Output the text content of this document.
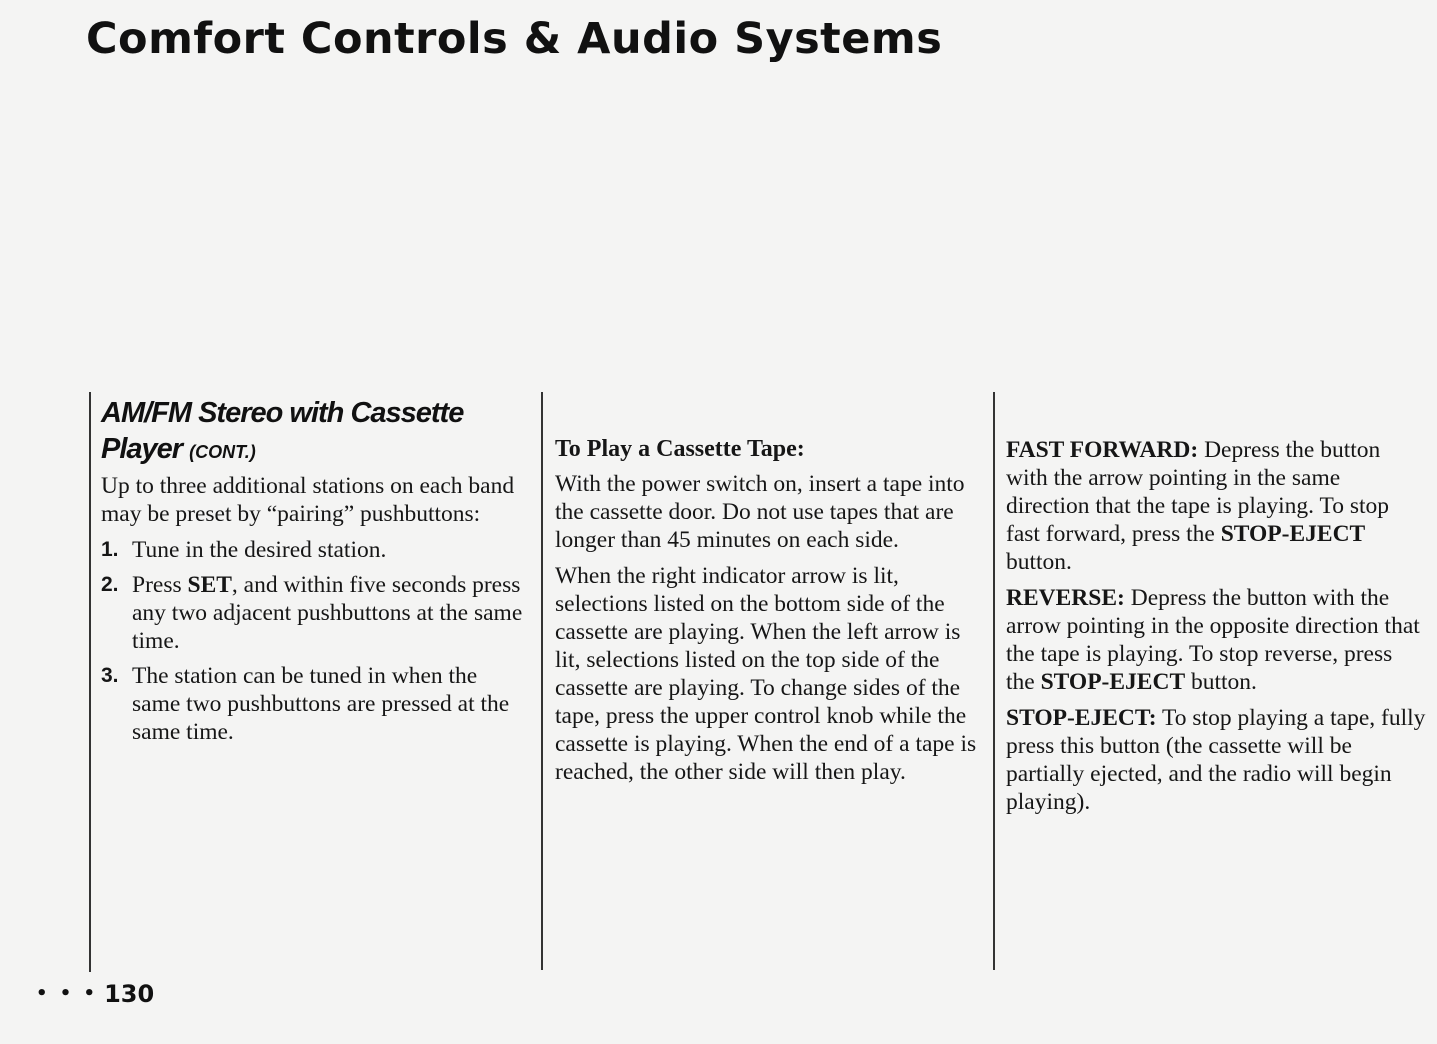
Comfort Controls & Audio Systems
AM/FM Stereo with Cassette Player (CONT.)

Up to three additional stations on each band may be preset by “pairing” pushbuttons:

1. Tune in the desired station.
2. Press SET, and within five seconds press any two adjacent pushbuttons at the same time.
3. The station can be tuned in when the same two pushbuttons are pressed at the same time.
To Play a Cassette Tape:

With the power switch on, insert a tape into the cassette door. Do not use tapes that are longer than 45 minutes on each side.

When the right indicator arrow is lit, selections listed on the bottom side of the cassette are playing. When the left arrow is lit, selections listed on the top side of the cassette are playing. To change sides of the tape, press the upper control knob while the cassette is playing. When the end of a tape is reached, the other side will then play.

FAST FORWARD: Depress the button with the arrow pointing in the same direction that the tape is playing. To stop fast forward, press the STOP-EJECT button.

REVERSE: Depress the button with the arrow pointing in the opposite direction that the tape is playing. To stop reverse, press the STOP-EJECT button.

STOP-EJECT: To stop playing a tape, fully press this button (the cassette will be partially ejected, and the radio will begin playing).

• • • 130
